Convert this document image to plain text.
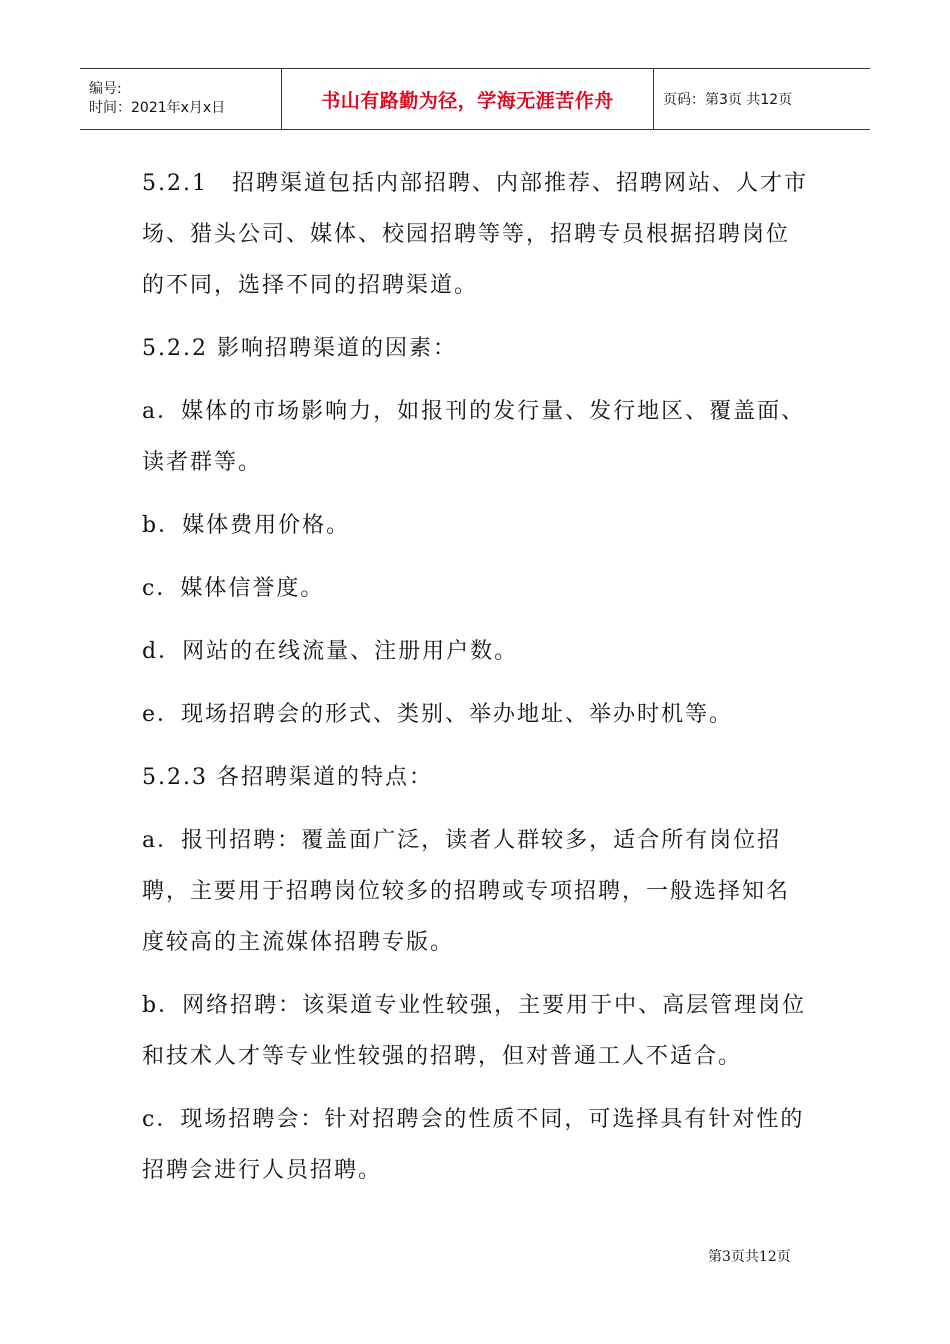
编号:
时间：2021年x月x日	书山有路勤为径，学海无涯苦作舟	页码：第3页 共12页

5.2.1　招聘渠道包括内部招聘、内部推荐、招聘网站、人才市场、猎头公司、媒体、校园招聘等等，招聘专员根据招聘岗位的不同，选择不同的招聘渠道。

5.2.2 影响招聘渠道的因素：

a．媒体的市场影响力，如报刊的发行量、发行地区、覆盖面、读者群等。

b．媒体费用价格。

c．媒体信誉度。

d．网站的在线流量、注册用户数。

e．现场招聘会的形式、类别、举办地址、举办时机等。

5.2.3 各招聘渠道的特点：

a．报刊招聘：覆盖面广泛，读者人群较多，适合所有岗位招聘，主要用于招聘岗位较多的招聘或专项招聘，一般选择知名度较高的主流媒体招聘专版。

b．网络招聘：该渠道专业性较强，主要用于中、高层管理岗位和技术人才等专业性较强的招聘，但对普通工人不适合。

c．现场招聘会：针对招聘会的性质不同，可选择具有针对性的招聘会进行人员招聘。

第3页共12页
